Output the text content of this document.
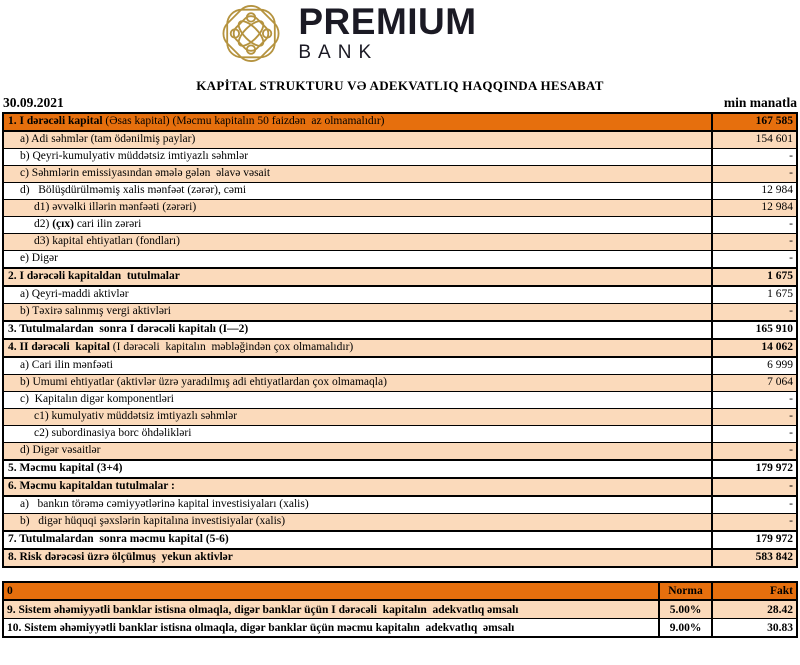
PREMIUM
BANK
KAPİTAL STRUKTURU VƏ ADEKVATLIQ HAQQINDA HESABAT
30.09.2021	min manatla
1. I dərəcəli kapital (Əsas kapital) (Məcmu kapitalın 50 faizdən  az olmamalıdır)	167 585
a) Adi səhmlər (tam ödənilmiş paylar)	154 601
b) Qeyri-kumulyativ müddətsiz imtiyazlı səhmlər	-
c) Səhmlərin emissiyasından əmələ gələn  əlavə vəsait	-
d)   Bölüşdürülməmiş xalis mənfəət (zərər), cəmi	12 984
d1) əvvəlki illərin mənfəəti (zərəri)	12 984
d2) (çıx) cari ilin zərəri	-
d3) kapital ehtiyatları (fondları)	-
e) Digər	-
2. I dərəcəli kapitaldan  tutulmalar	1 675
a) Qeyri-maddi aktivlər	1 675
b) Təxirə salınmış vergi aktivləri	-
3. Tutulmalardan  sonra I dərəcəli kapitalı (I—2)	165 910
4. II dərəcəli  kapital (I dərəcəli  kapitalın  məbləğindən çox olmamalıdır)	14 062
a) Cari ilin mənfəəti	6 999
b) Ümumi ehtiyatlar (aktivlər üzrə yaradılmış adi ehtiyatlardan çox olmamaqla)	7 064
c)  Kapitalın digər komponentləri	-
c1) kumulyativ müddətsiz imtiyazlı səhmlər	-
c2) subordinasiya borc öhdəlikləri	-
d) Digər vəsaitlər	-
5. Məcmu kapital (3+4)	179 972
6. Məcmu kapitaldan tutulmalar :	-
a)   bankın törəmə cəmiyyətlərinə kapital investisiyaları (xalis)	-
b)   digər hüquqi şəxslərin kapitalına investisiyalar (xalis)	-
7. Tutulmalardan  sonra məcmu kapital (5-6)	179 972
8. Risk dərəcəsi üzrə ölçülmuş  yekun aktivlər	583 842
0	Norma	Fakt
9. Sistem əhəmiyyətli banklar istisna olmaqla, digər banklar üçün I dərəcəli  kapitalın  adekvatlıq əmsalı	5.00%	28.42
10. Sistem əhəmiyyətli banklar istisna olmaqla, digər banklar üçün məcmu kapitalın  adekvatlıq  əmsalı	9.00%	30.83
